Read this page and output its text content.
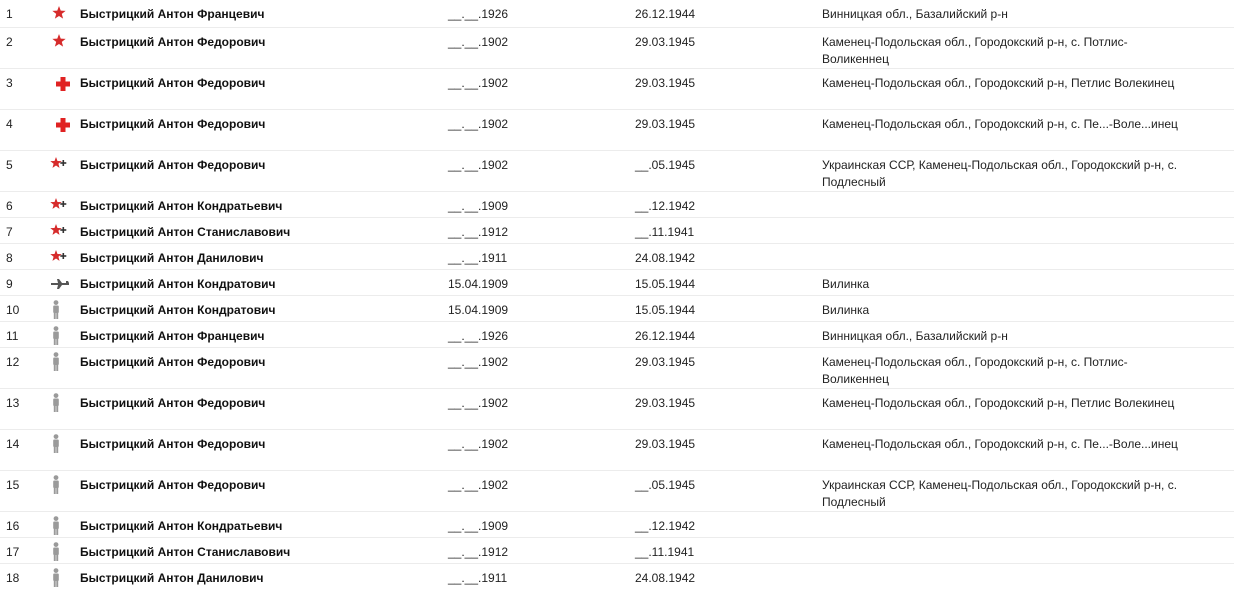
1	Быстрицкий Антон Францевич	__.__.1926	26.12.1944	Винницкая обл., Базалийский р-н
2	Быстрицкий Антон Федорович	__.__.1902	29.03.1945	Каменец-Подольская обл., Городокский р-н, с. Потлис-Воликеннец
3	Быстрицкий Антон Федорович	__.__.1902	29.03.1945	Каменец-Подольская обл., Городокский р-н, Петлис Волекинец
4	Быстрицкий Антон Федорович	__.__.1902	29.03.1945	Каменец-Подольская обл., Городокский р-н, с. Пе...-Воле...инец
5	Быстрицкий Антон Федорович	__.__.1902	__.05.1945	Украинская ССР, Каменец-Подольская обл., Городокский р-н, с. Подлесный
6	Быстрицкий Антон Кондратьевич	__.__.1909	__.12.1942
7	Быстрицкий Антон Станиславович	__.__.1912	__.11.1941
8	Быстрицкий Антон Данилович	__.__.1911	24.08.1942
9	Быстрицкий Антон Кондратович	15.04.1909	15.05.1944	Вилинка
10	Быстрицкий Антон Кондратович	15.04.1909	15.05.1944	Вилинка
11	Быстрицкий Антон Францевич	__.__.1926	26.12.1944	Винницкая обл., Базалийский р-н
12	Быстрицкий Антон Федорович	__.__.1902	29.03.1945	Каменец-Подольская обл., Городокский р-н, с. Потлис-Воликеннец
13	Быстрицкий Антон Федорович	__.__.1902	29.03.1945	Каменец-Подольская обл., Городокский р-н, Петлис Волекинец
14	Быстрицкий Антон Федорович	__.__.1902	29.03.1945	Каменец-Подольская обл., Городокский р-н, с. Пе...-Воле...инец
15	Быстрицкий Антон Федорович	__.__.1902	__.05.1945	Украинская ССР, Каменец-Подольская обл., Городокский р-н, с. Подлесный
16	Быстрицкий Антон Кондратьевич	__.__.1909	__.12.1942
17	Быстрицкий Антон Станиславович	__.__.1912	__.11.1941
18	Быстрицкий Антон Данилович	__.__.1911	24.08.1942
